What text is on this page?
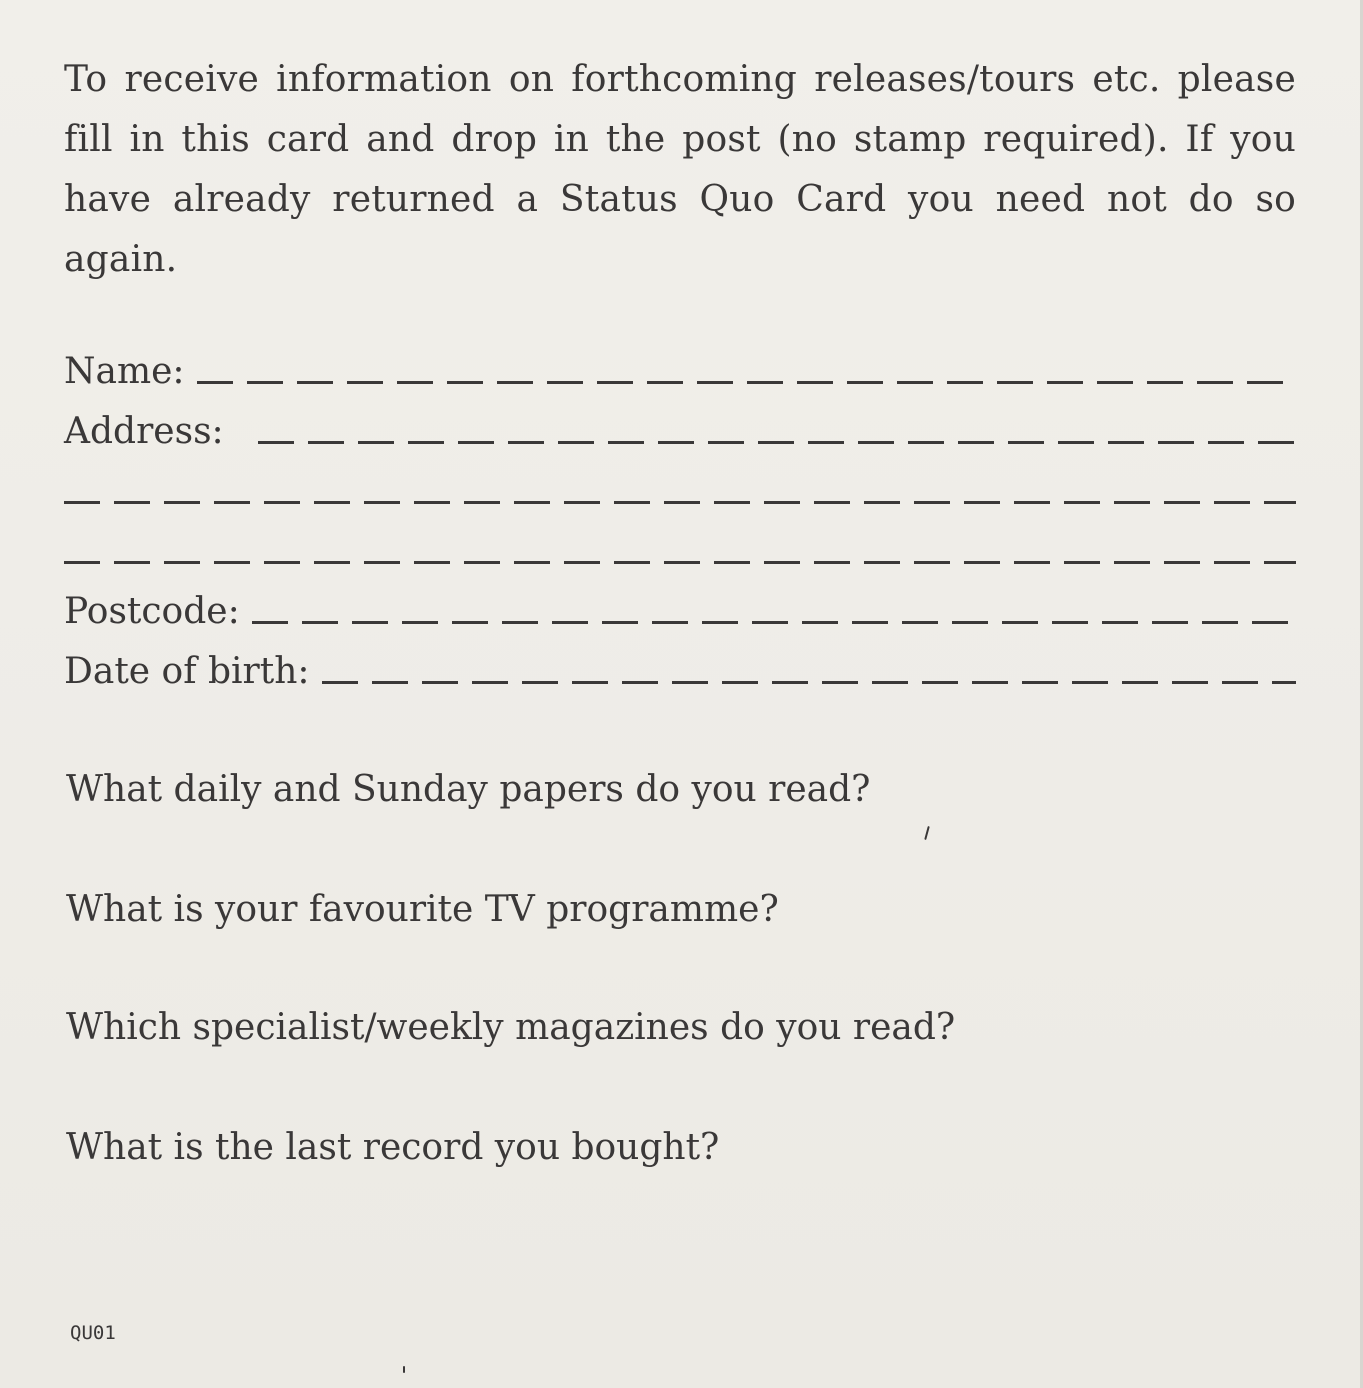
To receive information on forthcoming releases/tours etc. please fill in this card and drop in the post (no stamp required). If you have already returned a Status Quo Card you need not do so again.

Name:
Address:
Postcode:
Date of birth:

What daily and Sunday papers do you read?

What is your favourite TV programme?

Which specialist/weekly magazines do you read?

What is the last record you bought?

QU01
